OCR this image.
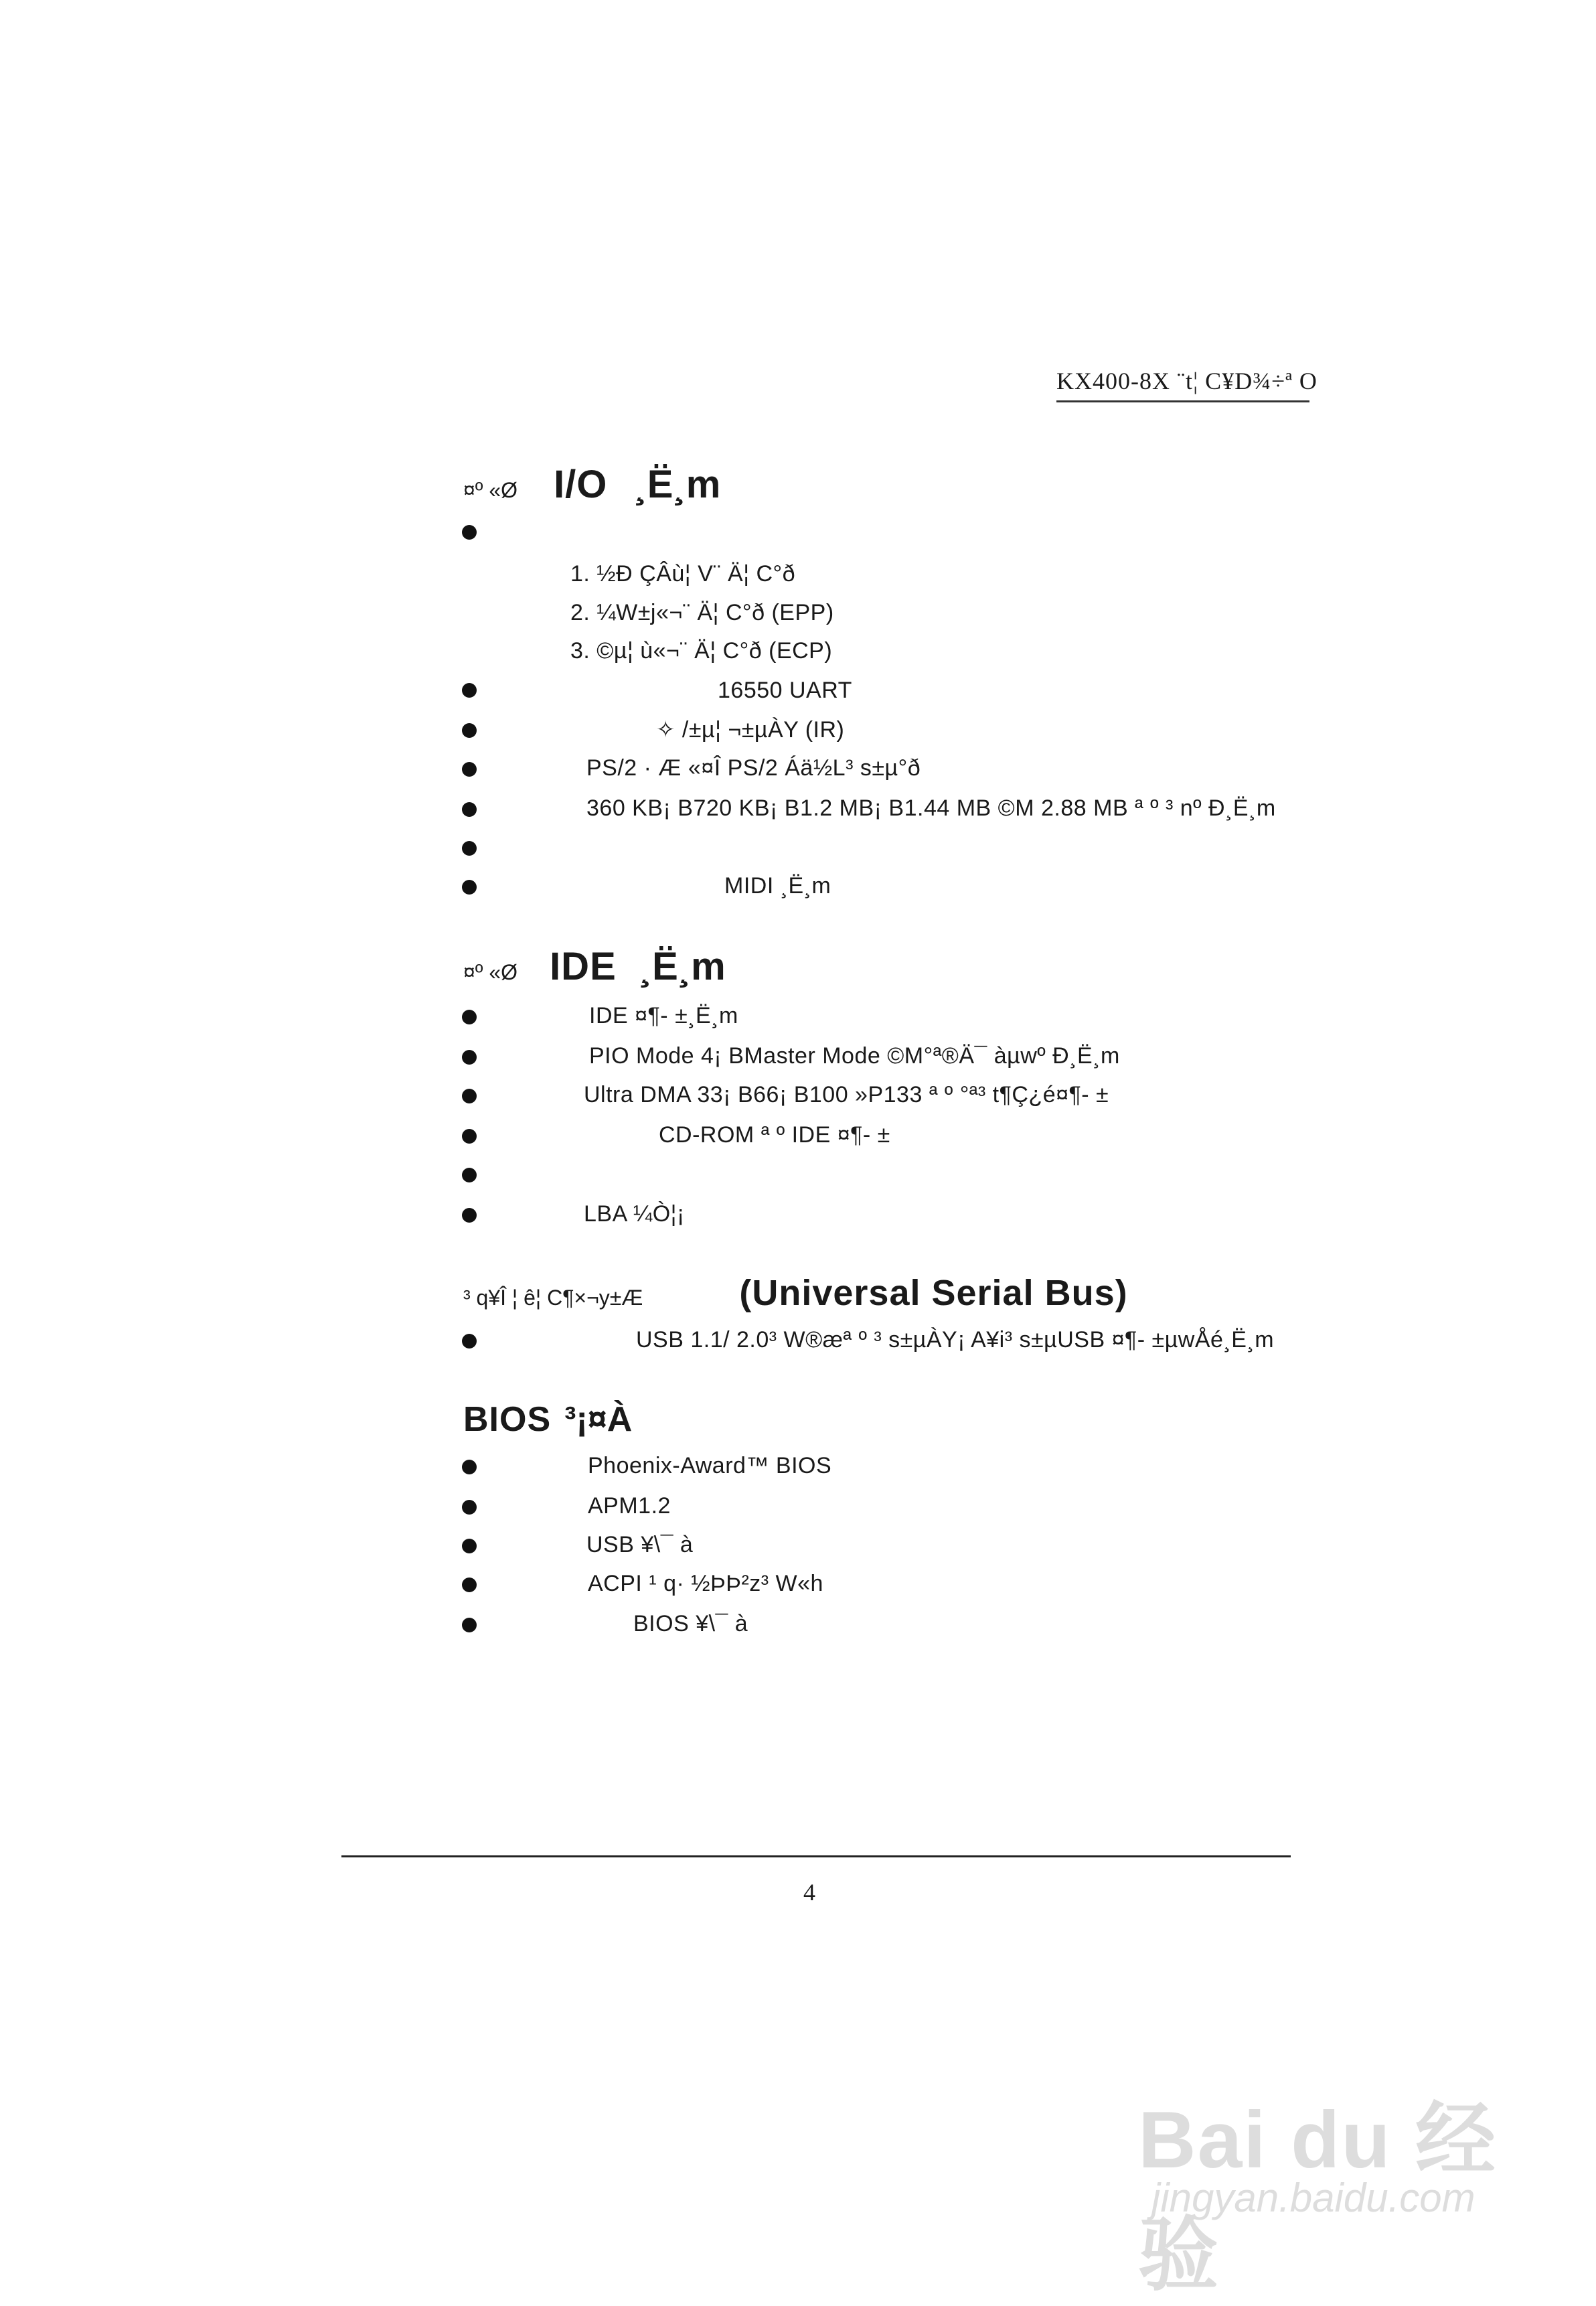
KX400-8X ¨t¦ C¥D¾÷ª O
¤º «Ø I/O ¸Ë¸m
1. ½Ð ÇÂù¦ V¨ Ä¦ C°ð
2. ¼W±j«¬¨ Ä¦ C°ð (EPP)
3. ©µ¦ ù«¬¨ Ä¦ C°ð (ECP)
16550 UART
✧ /±µ¦ ¬±µÀY (IR)
PS/2 · Æ «¤Î PS/2 Áä½L³ s±µ°ð
360 KB¡ B720 KB¡ B1.2 MB¡ B1.44 MB ©M 2.88 MB ª º ³ nº Ð¸Ë¸m
MIDI ¸Ë¸m
¤º «Ø IDE ¸Ë¸m
IDE ¤¶- ±¸Ë¸m
PIO Mode 4¡ BMaster Mode ©M°ª®Ä¯ àµwº Ð¸Ë¸m
Ultra DMA 33¡ B66¡ B100 »P133 ª º °ª³ t¶Ç¿é¤¶- ±
CD-ROM ª º IDE ¤¶- ±
LBA ¼Ò¦¡
³ q¥Î ¦ ê¦ C¶×¬y±Æ	(Universal Serial Bus)
USB 1.1/ 2.0³ W®æª º ³ s±µÀY¡ A¥i³ s±µUSB ¤¶- ±µwÅé¸Ë¸m
BIOS ³¡¤À
Phoenix-Award™ BIOS
APM1.2
USB ¥\¯ à
ACPI ¹ q· ½ÞÞ²z³ W«h
BIOS ¥\¯ à
4
Bai du 经验
jingyan.baidu.com
